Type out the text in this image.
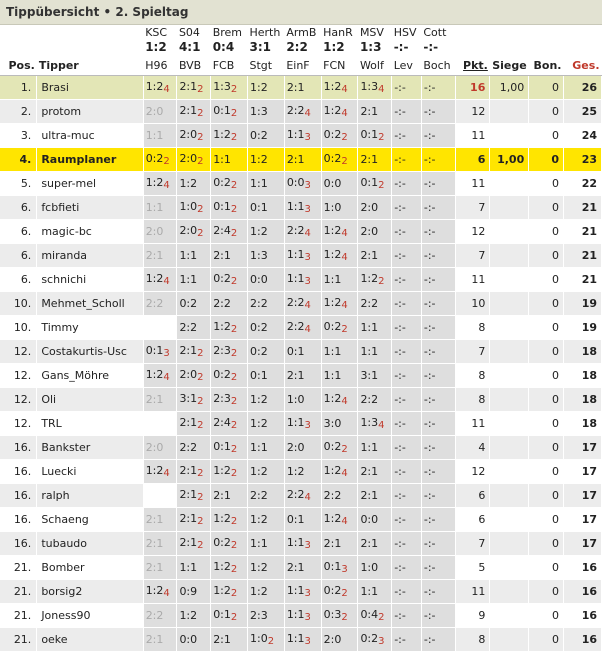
Tippübersicht • 2. Spieltag
		KSC	S04	Brem	Herth	ArmB	HanR	MSV	HSV	Cott				
		1:2	4:1	0:4	3:1	2:2	1:2	1:3	-:-	-:-				
Pos.	Tipper	H96	BVB	FCB	Stgt	EinF	FCN	Wolf	Lev	Boch	Pkt.	Siege	Bon.	Ges.
1.	Brasi	1:24	2:12	1:32	1:2	2:1	1:24	1:34	-:-	-:-	16	1,00	0	26
2.	protom	2:0	2:12	0:12	1:3	2:24	1:24	2:1	-:-	-:-	12		0	25
3.	ultra-muc	1:1	2:02	1:22	0:2	1:13	0:22	0:12	-:-	-:-	11		0	24
4.	Raumplaner	0:22	2:02	1:1	1:2	2:1	0:22	2:1	-:-	-:-	6	1,00	0	23
5.	super-mel	1:24	1:2	0:22	1:1	0:03	0:0	0:12	-:-	-:-	11		0	22
6.	fcbfieti	1:1	1:02	0:12	0:1	1:13	1:0	2:0	-:-	-:-	7		0	21
6.	magic-bc	2:0	2:02	2:42	1:2	2:24	1:24	2:0	-:-	-:-	12		0	21
6.	miranda	2:1	1:1	2:1	1:3	1:13	1:24	2:1	-:-	-:-	7		0	21
6.	schnichi	1:24	1:1	0:22	0:0	1:13	1:1	1:22	-:-	-:-	11		0	21
10.	Mehmet_Scholl	2:2	0:2	2:2	2:2	2:24	1:24	2:2	-:-	-:-	10		0	19
10.	Timmy		2:2	1:22	0:2	2:24	0:22	1:1	-:-	-:-	8		0	19
12.	Costakurtis-Usc	0:13	2:12	2:32	0:2	0:1	1:1	1:1	-:-	-:-	7		0	18
12.	Gans_Möhre	1:24	2:02	0:22	0:1	2:1	1:1	3:1	-:-	-:-	8		0	18
12.	Oli	2:1	3:12	2:32	1:2	1:0	1:24	2:2	-:-	-:-	8		0	18
12.	TRL		2:12	2:42	1:2	1:13	3:0	1:34	-:-	-:-	11		0	18
16.	Bankster	2:0	2:2	0:12	1:1	2:0	0:22	1:1	-:-	-:-	4		0	17
16.	Luecki	1:24	2:12	1:22	1:2	1:2	1:24	2:1	-:-	-:-	12		0	17
16.	ralph		2:12	2:1	2:2	2:24	2:2	2:1	-:-	-:-	6		0	17
16.	Schaeng	2:1	2:12	1:22	1:2	0:1	1:24	0:0	-:-	-:-	6		0	17
16.	tubaudo	2:1	2:12	0:22	1:1	1:13	2:1	2:1	-:-	-:-	7		0	17
21.	Bomber	2:1	1:1	1:22	1:2	2:1	0:13	1:0	-:-	-:-	5		0	16
21.	borsig2	1:24	0:9	1:22	1:2	1:13	0:22	1:1	-:-	-:-	11		0	16
21.	Joness90	2:2	1:2	0:12	2:3	1:13	0:32	0:42	-:-	-:-	9		0	16
21.	oeke	2:1	0:0	2:1	1:02	1:13	2:0	0:23	-:-	-:-	8		0	16
